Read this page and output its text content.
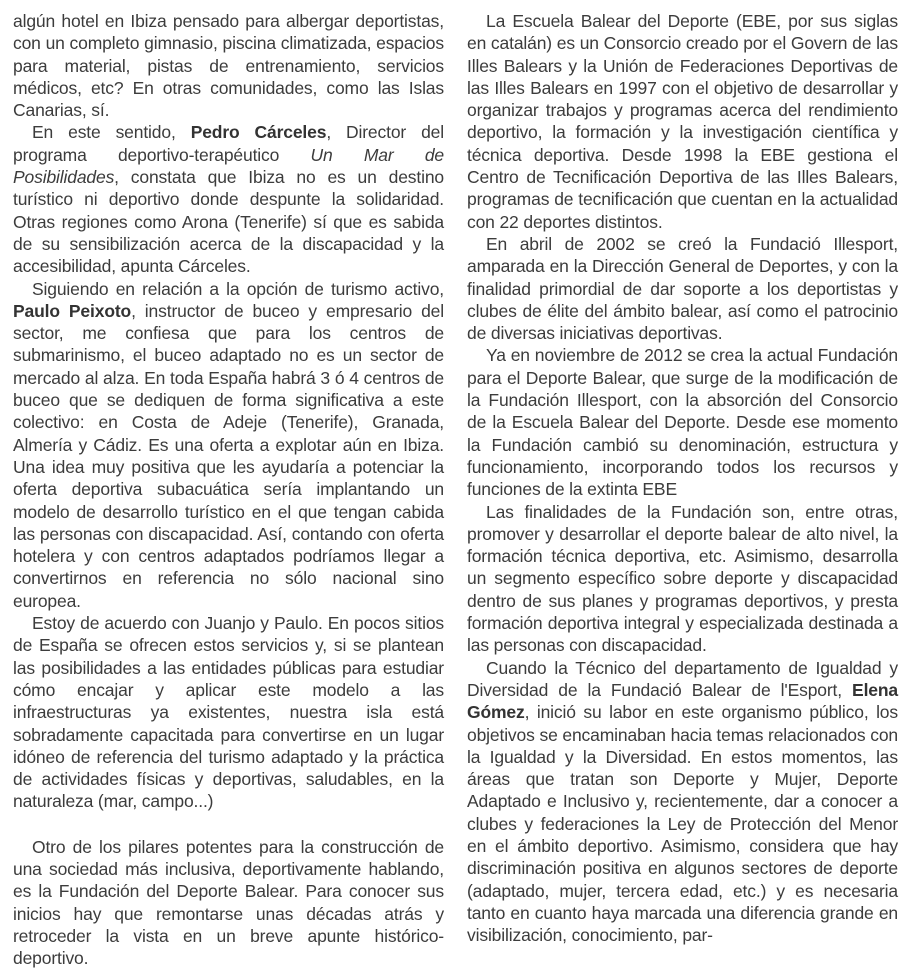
algún hotel en Ibiza pensado para albergar deportistas, con un completo gimnasio, piscina climatizada, espacios para material, pistas de entrenamiento, servicios médicos, etc? En otras comunidades, como las Islas Canarias, sí.

En este sentido, Pedro Cárceles, Director del programa deportivo-terapéutico Un Mar de Posibilidades, constata que Ibiza no es un destino turístico ni deportivo donde despunte la solidaridad. Otras regiones como Arona (Tenerife) sí que es sabida de su sensibilización acerca de la discapacidad y la accesibilidad, apunta Cárceles.

Siguiendo en relación a la opción de turismo activo, Paulo Peixoto, instructor de buceo y empresario del sector, me confiesa que para los centros de submarinismo, el buceo adaptado no es un sector de mercado al alza. En toda España habrá 3 ó 4 centros de buceo que se dediquen de forma significativa a este colectivo: en Costa de Adeje (Tenerife), Granada, Almería y Cádiz. Es una oferta a explotar aún en Ibiza. Una idea muy positiva que les ayudaría a potenciar la oferta deportiva subacuática sería implantando un modelo de desarrollo turístico en el que tengan cabida las personas con discapacidad. Así, contando con oferta hotelera y con centros adaptados podríamos llegar a convertirnos en referencia no sólo nacional sino europea.

Estoy de acuerdo con Juanjo y Paulo. En pocos sitios de España se ofrecen estos servicios y, si se plantean las posibilidades a las entidades públicas para estudiar cómo encajar y aplicar este modelo a las infraestructuras ya existentes, nuestra isla está sobradamente capacitada para convertirse en un lugar idóneo de referencia del turismo adaptado y la práctica de actividades físicas y deportivas, saludables, en la naturaleza (mar, campo...)

Otro de los pilares potentes para la construcción de una sociedad más inclusiva, deportivamente hablando, es la Fundación del Deporte Balear. Para conocer sus inicios hay que remontarse unas décadas atrás y retroceder la vista en un breve apunte histórico-deportivo.

La Escuela Balear del Deporte (EBE, por sus siglas en catalán) es un Consorcio creado por el Govern de las Illes Balears y la Unión de Federaciones Deportivas de las Illes Balears en 1997 con el objetivo de desarrollar y organizar trabajos y programas acerca del rendimiento deportivo, la formación y la investigación científica y técnica deportiva. Desde 1998 la EBE gestiona el Centro de Tecnificación Deportiva de las Illes Balears, programas de tecnificación que cuentan en la actualidad con 22 deportes distintos.

En abril de 2002 se creó la Fundació Illesport, amparada en la Dirección General de Deportes, y con la finalidad primordial de dar soporte a los deportistas y clubes de élite del ámbito balear, así como el patrocinio de diversas iniciativas deportivas.

Ya en noviembre de 2012 se crea la actual Fundación para el Deporte Balear, que surge de la modificación de la Fundación Illesport, con la absorción del Consorcio de la Escuela Balear del Deporte. Desde ese momento la Fundación cambió su denominación, estructura y funcionamiento, incorporando todos los recursos y funciones de la extinta EBE

Las finalidades de la Fundación son, entre otras, promover y desarrollar el deporte balear de alto nivel, la formación técnica deportiva, etc. Asimismo, desarrolla un segmento específico sobre deporte y discapacidad dentro de sus planes y programas deportivos, y presta formación deportiva integral y especializada destinada a las personas con discapacidad.

Cuando la Técnico del departamento de Igualdad y Diversidad de la Fundació Balear de l'Esport, Elena Gómez, inició su labor en este organismo público, los objetivos se encaminaban hacia temas relacionados con la Igualdad y la Diversidad. En estos momentos, las áreas que tratan son Deporte y Mujer, Deporte Adaptado e Inclusivo y, recientemente, dar a conocer a clubes y federaciones la Ley de Protección del Menor en el ámbito deportivo. Asimismo, considera que hay discriminación positiva en algunos sectores de deporte (adaptado, mujer, tercera edad, etc.) y es necesaria tanto en cuanto haya marcada una diferencia grande en visibilización, conocimiento, par-
